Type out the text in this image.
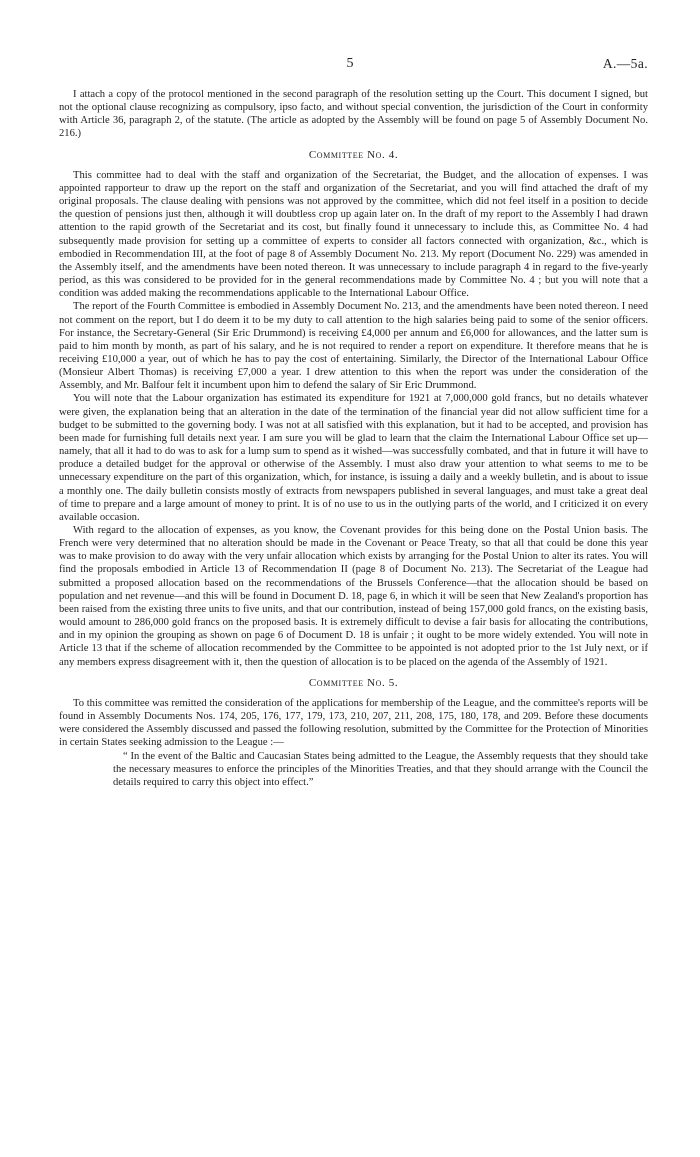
5	A.—5a.

I attach a copy of the protocol mentioned in the second paragraph of the resolution setting up the Court. This document I signed, but not the optional clause recognizing as compulsory, ipso facto, and without special convention, the jurisdiction of the Court in conformity with Article 36, paragraph 2, of the statute. (The article as adopted by the Assembly will be found on page 5 of Assembly Document No. 216.)

Committee No. 4.

This committee had to deal with the staff and organization of the Secretariat, the Budget, and the allocation of expenses. I was appointed rapporteur to draw up the report on the staff and organization of the Secretariat, and you will find attached the draft of my original proposals. The clause dealing with pensions was not approved by the committee, which did not feel itself in a position to decide the question of pensions just then, although it will doubtless crop up again later on. In the draft of my report to the Assembly I had drawn attention to the rapid growth of the Secretariat and its cost, but finally found it unnecessary to include this, as Committee No. 4 had subsequently made provision for setting up a committee of experts to consider all factors connected with organization, &c., which is embodied in Recommendation III, at the foot of page 8 of Assembly Document No. 213. My report (Document No. 229) was amended in the Assembly itself, and the amendments have been noted thereon. It was unnecessary to include paragraph 4 in regard to the five-yearly period, as this was considered to be provided for in the general recommendations made by Committee No. 4 ; but you will note that a condition was added making the recommendations applicable to the International Labour Office.

The report of the Fourth Committee is embodied in Assembly Document No. 213, and the amendments have been noted thereon. I need not comment on the report, but I do deem it to be my duty to call attention to the high salaries being paid to some of the senior officers. For instance, the Secretary-General (Sir Eric Drummond) is receiving £4,000 per annum and £6,000 for allowances, and the latter sum is paid to him month by month, as part of his salary, and he is not required to render a report on expenditure. It therefore means that he is receiving £10,000 a year, out of which he has to pay the cost of entertaining. Similarly, the Director of the International Labour Office (Monsieur Albert Thomas) is receiving £7,000 a year. I drew attention to this when the report was under the consideration of the Assembly, and Mr. Balfour felt it incumbent upon him to defend the salary of Sir Eric Drummond.

You will note that the Labour organization has estimated its expenditure for 1921 at 7,000,000 gold francs, but no details whatever were given, the explanation being that an alteration in the date of the termination of the financial year did not allow sufficient time for a budget to be submitted to the governing body. I was not at all satisfied with this explanation, but it had to be accepted, and provision has been made for furnishing full details next year. I am sure you will be glad to learn that the claim the International Labour Office set up—namely, that all it had to do was to ask for a lump sum to spend as it wished—was successfully combated, and that in future it will have to produce a detailed budget for the approval or otherwise of the Assembly. I must also draw your attention to what seems to me to be unnecessary expenditure on the part of this organization, which, for instance, is issuing a daily and a weekly bulletin, and is about to issue a monthly one. The daily bulletin consists mostly of extracts from newspapers published in several languages, and must take a great deal of time to prepare and a large amount of money to print. It is of no use to us in the outlying parts of the world, and I criticized it on every available occasion.

With regard to the allocation of expenses, as you know, the Covenant provides for this being done on the Postal Union basis. The French were very determined that no alteration should be made in the Covenant or Peace Treaty, so that all that could be done this year was to make provision to do away with the very unfair allocation which exists by arranging for the Postal Union to alter its rates. You will find the proposals embodied in Article 13 of Recommendation II (page 8 of Document No. 213). The Secretariat of the League had submitted a proposed allocation based on the recommendations of the Brussels Conference—that the allocation should be based on population and net revenue—and this will be found in Document D. 18, page 6, in which it will be seen that New Zealand's proportion has been raised from the existing three units to five units, and that our contribution, instead of being 157,000 gold francs, on the existing basis, would amount to 286,000 gold francs on the proposed basis. It is extremely difficult to devise a fair basis for allocating the contributions, and in my opinion the grouping as shown on page 6 of Document D. 18 is unfair ; it ought to be more widely extended. You will note in Article 13 that if the scheme of allocation recommended by the Committee to be appointed is not adopted prior to the 1st July next, or if any members express disagreement with it, then the question of allocation is to be placed on the agenda of the Assembly of 1921.

Committee No. 5.

To this committee was remitted the consideration of the applications for membership of the League, and the committee's reports will be found in Assembly Documents Nos. 174, 205, 176, 177, 179, 173, 210, 207, 211, 208, 175, 180, 178, and 209. Before these documents were considered the Assembly discussed and passed the following resolution, submitted by the Committee for the Protection of Minorities in certain States seeking admission to the League :—

“ In the event of the Baltic and Caucasian States being admitted to the League, the Assembly requests that they should take the necessary measures to enforce the principles of the Minorities Treaties, and that they should arrange with the Council the details required to carry this object into effect.”
